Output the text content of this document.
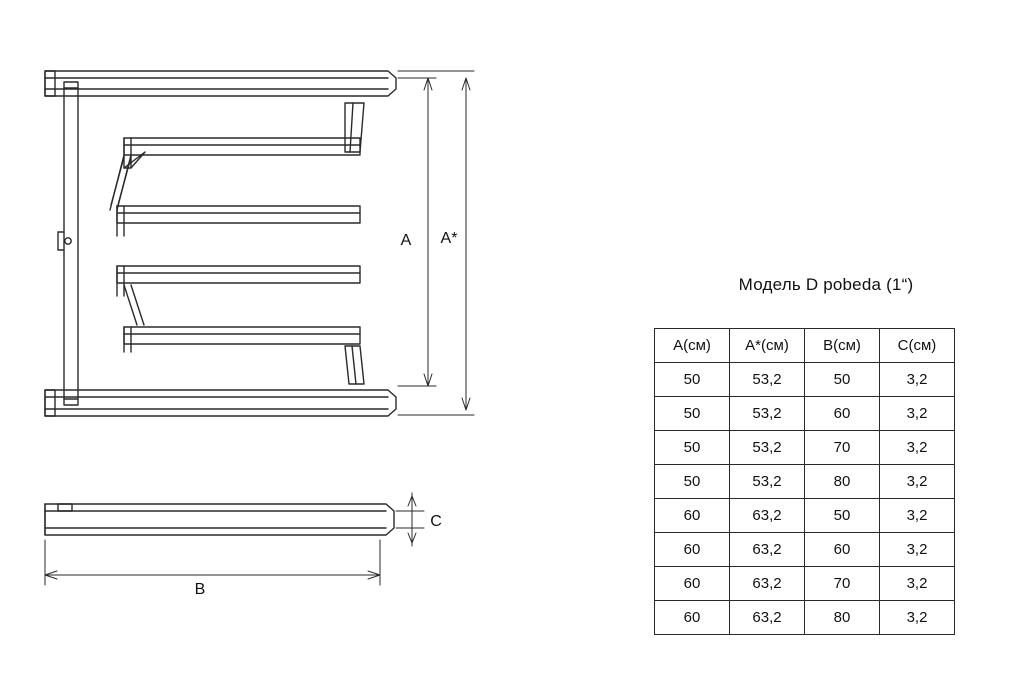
A A*
C
B
Модель D pobeda (1“)
A(см)	A*(см)	B(см)	C(см)
50	53,2	50	3,2
50	53,2	60	3,2
50	53,2	70	3,2
50	53,2	80	3,2
60	63,2	50	3,2
60	63,2	60	3,2
60	63,2	70	3,2
60	63,2	80	3,2
